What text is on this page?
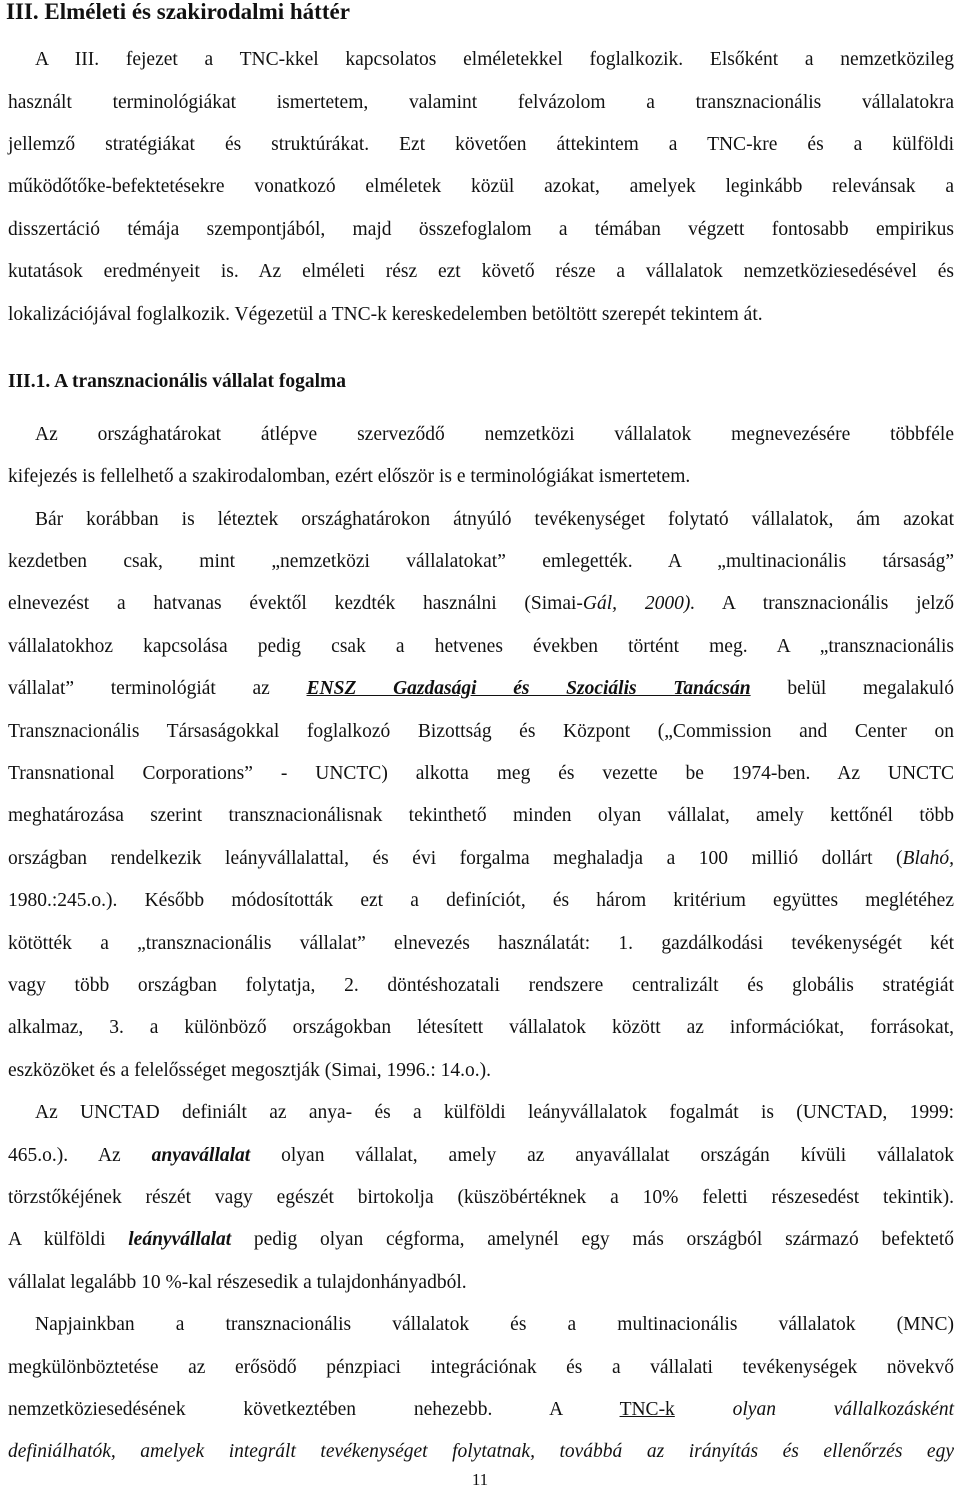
III. Elméleti és szakirodalmi háttér
A III. fejezet a TNC-kkel kapcsolatos elméletekkel foglalkozik. Elsőként a nemzetközileg
használt terminológiákat ismertetem, valamint felvázolom a transznacionális vállalatokra
jellemző stratégiákat és struktúrákat. Ezt követően áttekintem a TNC-kre és a külföldi
működőtőke-befektetésekre vonatkozó elméletek közül azokat, amelyek leginkább relevánsak a
disszertáció témája szempontjából, majd összefoglalom a témában végzett fontosabb empirikus
kutatások eredményeit is. Az elméleti rész ezt követő része a vállalatok nemzetköziesedésével és
lokalizációjával foglalkozik. Végezetül a TNC-k kereskedelemben betöltött szerepét tekintem át.
III.1. A transznacionális vállalat fogalma
Az országhatárokat átlépve szerveződő nemzetközi vállalatok megnevezésére többféle
kifejezés is fellelhető a szakirodalomban, ezért először is e terminológiákat ismertetem.
Bár korábban is léteztek országhatárokon átnyúló tevékenységet folytató vállalatok, ám azokat
kezdetben csak, mint „nemzetközi vállalatokat” emlegették. A „multinacionális társaság”
elnevezést a hatvanas évektől kezdték használni (Simai-Gál, 2000). A transznacionális jelző
vállalatokhoz kapcsolása pedig csak a hetvenes években történt meg. A „transznacionális
vállalat” terminológiát az ENSZ Gazdasági és Szociális Tanácsán belül megalakuló
Transznacionális Társaságokkal foglalkozó Bizottság és Központ („Commission and Center on
Transnational Corporations” - UNCTC) alkotta meg és vezette be 1974-ben. Az UNCTC
meghatározása szerint transznacionálisnak tekinthető minden olyan vállalat, amely kettőnél több
országban rendelkezik leányvállalattal, és évi forgalma meghaladja a 100 millió dollárt (Blahó,
1980.:245.o.). Később módosították ezt a definíciót, és három kritérium együttes meglétéhez
kötötték a „transznacionális vállalat” elnevezés használatát: 1. gazdálkodási tevékenységét két
vagy több országban folytatja, 2. döntéshozatali rendszere centralizált és globális stratégiát
alkalmaz, 3. a különböző országokban létesített vállalatok között az információkat, forrásokat,
eszközöket és a felelősséget megosztják (Simai, 1996.: 14.o.).
Az UNCTAD definiált az anya- és a külföldi leányvállalatok fogalmát is (UNCTAD, 1999:
465.o.). Az anyavállalat olyan vállalat, amely az anyavállalat országán kívüli vállalatok
törzstőkéjének részét vagy egészét birtokolja (küszöbértéknek a 10% feletti részesedést tekintik).
A külföldi leányvállalat pedig olyan cégforma, amelynél egy más országból származó befektető
vállalat legalább 10 %-kal részesedik a tulajdonhányadból.
Napjainkban a transznacionális vállalatok és a multinacionális vállalatok (MNC)
megkülönböztetése az erősödő pénzpiaci integrációnak és a vállalati tevékenységek növekvő
nemzetköziesedésének következtében nehezebb. A TNC-k olyan vállalkozásként
definiálhatók, amelyek integrált tevékenységet folytatnak, továbbá az irányítás és ellenőrzés egy
11
